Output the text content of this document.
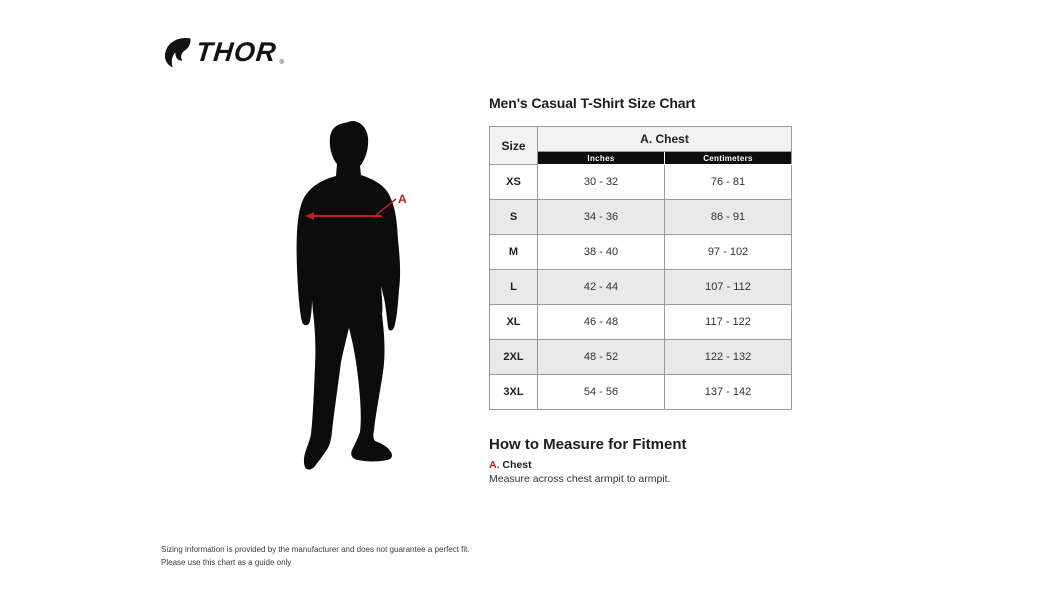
THOR ®
A
Men's Casual T-Shirt Size Chart
Size	A. Chest	
	Inches	Centimeters
XS	30 - 32	76 - 81
S	34 - 36	86 - 91
M	38 - 40	97 - 102
L	42 - 44	107 - 112
XL	46 - 48	117 - 122
2XL	48 - 52	122 - 132
3XL	54 - 56	137 - 142
How to Measure for Fitment
A. Chest
Measure across chest armpit to armpit.
Sizing information is provided by the manufacturer and does not guarantee a perfect fit.
Please use this chart as a guide only
